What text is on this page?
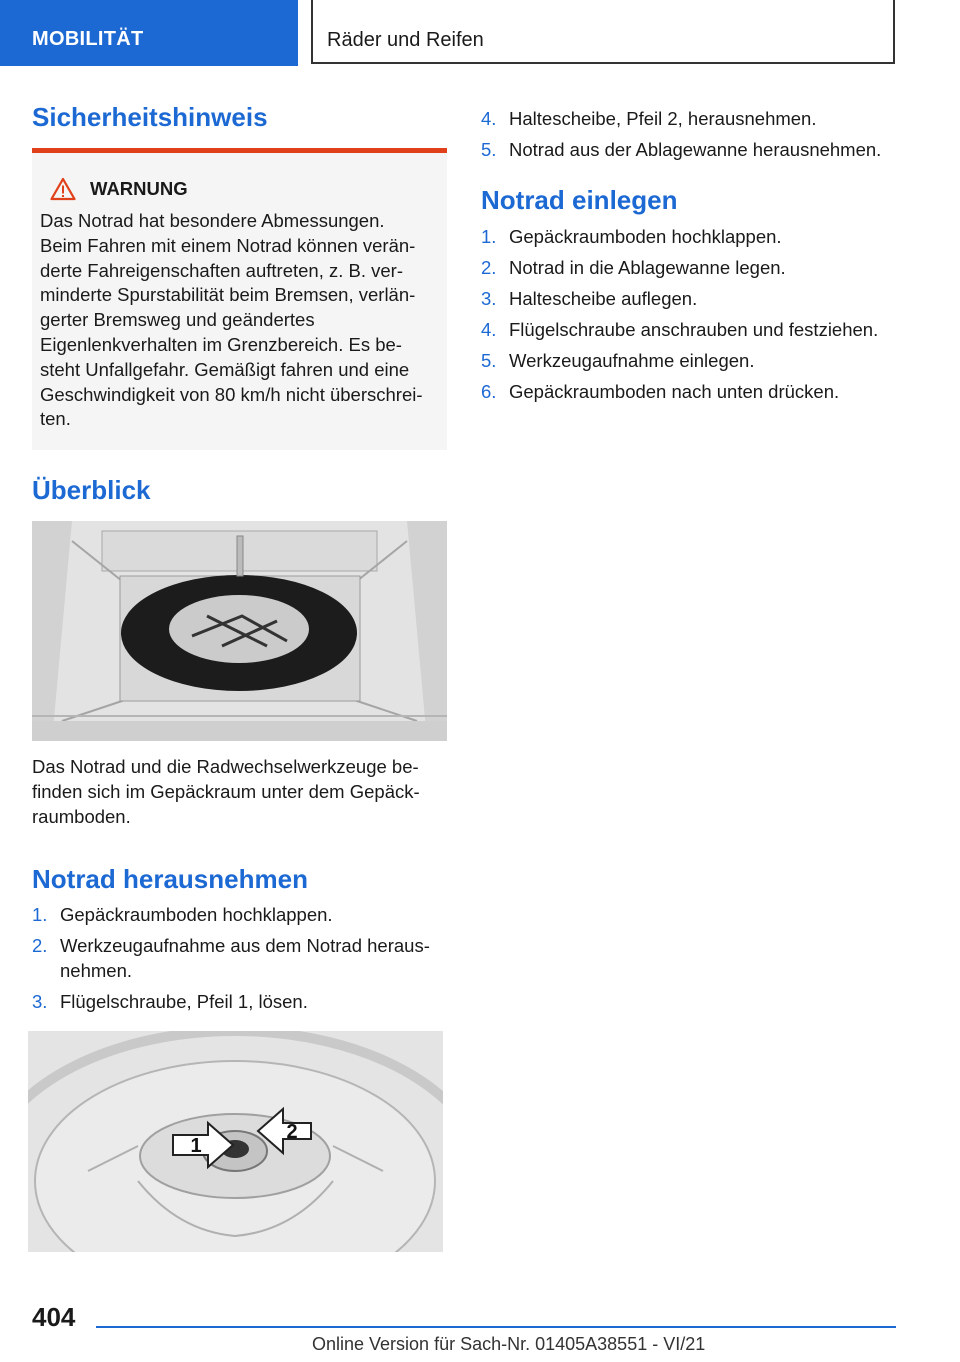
MOBILITÄT	Räder und Reifen
Sicherheitshinweis
WARNUNG
Das Notrad hat besondere Abmessungen.
Beim Fahren mit einem Notrad können verän-
derte Fahreigenschaften auftreten, z. B. ver-
minderte Spurstabilität beim Bremsen, verlän-
gerter Bremsweg und geändertes
Eigenlenkverhalten im Grenzbereich. Es be-
steht Unfallgefahr. Gemäßigt fahren und eine
Geschwindigkeit von 80 km/h nicht überschrei-
ten.
Überblick
Das Notrad und die Radwechselwerkzeuge be-
finden sich im Gepäckraum unter dem Gepäck-
raumboden.
Notrad herausnehmen
1. Gepäckraumboden hochklappen.
2. Werkzeugaufnahme aus dem Notrad heraus-
nehmen.
3. Flügelschraube, Pfeil 1, lösen.
1
2
4. Haltescheibe, Pfeil 2, herausnehmen.
5. Notrad aus der Ablagewanne herausnehmen.
Notrad einlegen
1. Gepäckraumboden hochklappen.
2. Notrad in die Ablagewanne legen.
3. Haltescheibe auflegen.
4. Flügelschraube anschrauben und festziehen.
5. Werkzeugaufnahme einlegen.
6. Gepäckraumboden nach unten drücken.
404
Online Version für Sach-Nr. 01405A38551 - VI/21
